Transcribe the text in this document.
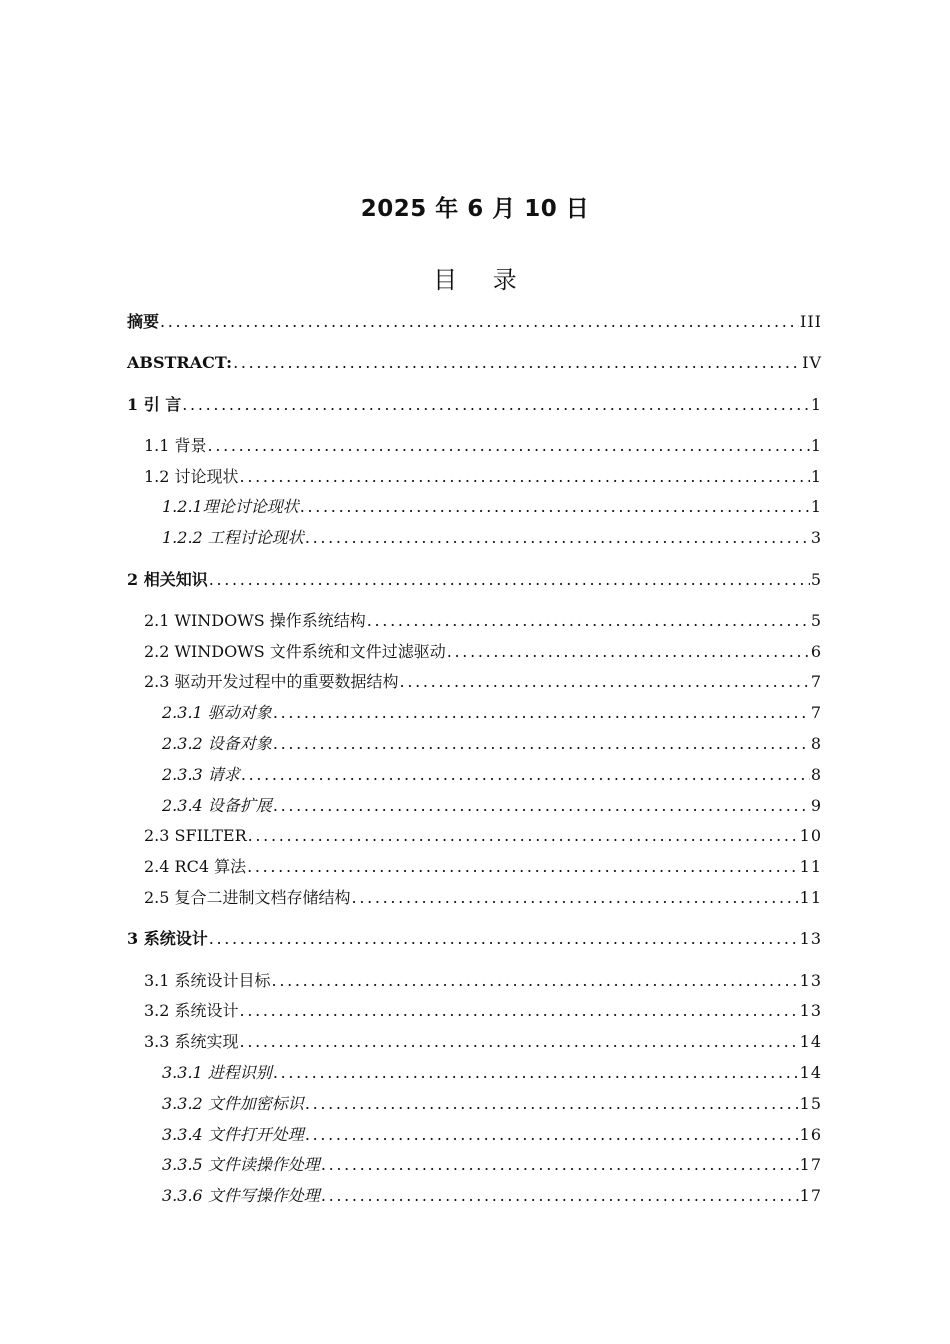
2025 年 6 月 10 日
目 录
摘要 . . .	III
ABSTRACT: . . .	IV
1 引 言 . . .	1
1.1 背景 . . .	1
1.2 讨论现状 . . .	1
1.2.1理论讨论现状 . . .	1
1.2.2 工程讨论现状 . . .	3
2 相关知识 . . .	5
2.1 WINDOWS 操作系统结构 . . .	5
2.2 WINDOWS 文件系统和文件过滤驱动 . . .	6
2.3 驱动开发过程中的重要数据结构 . . .	7
2.3.1 驱动对象 . . .	7
2.3.2 设备对象 . . .	8
2.3.3 请求 . . .	8
2.3.4 设备扩展 . . .	9
2.3 SFILTER . . .	10
2.4 RC4 算法 . . .	11
2.5 复合二进制文档存储结构 . . .	11
3 系统设计 . . .	13
3.1 系统设计目标 . . .	13
3.2 系统设计 . . .	13
3.3 系统实现 . . .	14
3.3.1 进程识别 . . .	14
3.3.2 文件加密标识 . . .	15
3.3.4 文件打开处理 . . .	16
3.3.5 文件读操作处理 . . .	17
3.3.6 文件写操作处理 . . .	17
